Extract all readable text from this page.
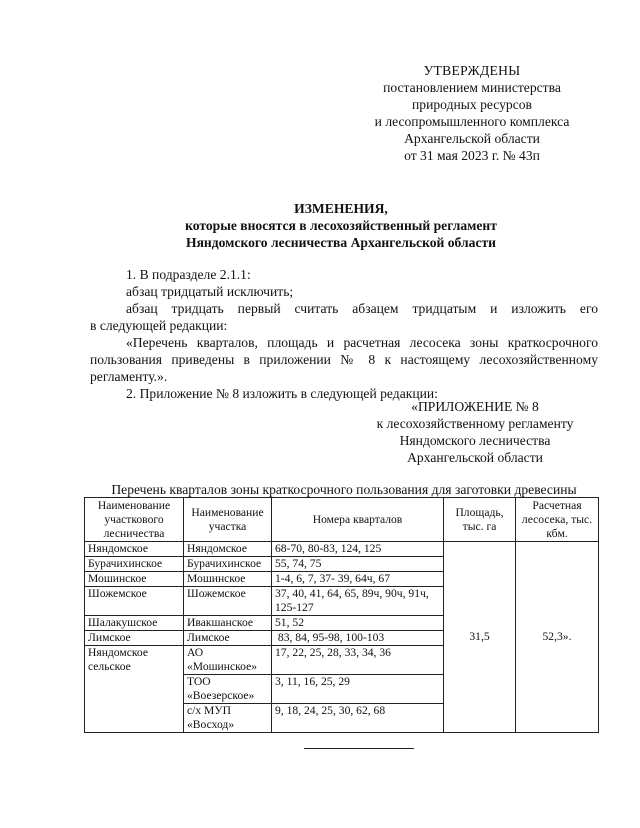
УТВЕРЖДЕНЫ
постановлением министерства
природных ресурсов
и лесопромышленного комплекса
Архангельской области
от 31 мая 2023 г. № 43п
ИЗМЕНЕНИЯ,
которые вносятся в лесохозяйственный регламент
Няндомского лесничества Архангельской области

1. В подразделе 2.1.1:

абзац тридцатый исключить;

абзац тридцать первый считать абзацем тридцатым и изложить его

в следующей редакции:

«Перечень кварталов, площадь и расчетная лесосека зоны краткосрочного пользования приведены в приложении № 8 к настоящему лесохозяйственному регламенту.».

2. Приложение № 8 изложить в следующей редакции:

«ПРИЛОЖЕНИЕ № 8
к лесохозяйственному регламенту
Няндомского лесничества
Архангельской области
Перечень кварталов зоны краткосрочного пользования для заготовки древесины
Наименование участкового лесничества	Наименование участка	Номера кварталов	Площадь, тыс. га	Расчетная лесосека, тыс. кбм.
Няндомское	Няндомское	68-70, 80-83, 124, 125	31,5	52,3».
Бурачихинское	Бурачихинское	55, 74, 75		
Мошинское	Мошинское	1-4, 6, 7, 37- 39, 64ч, 67		
Шожемское	Шожемское	37, 40, 41, 64, 65, 89ч, 90ч, 91ч, 125-127		
Шалакушское	Ивакшанское	51, 52		
Лимское	Лимское	83, 84, 95-98, 100-103		
Няндомское сельское	АО «Мошинское»	17, 22, 25, 28, 33, 34, 36		
	ТОО «Воезерское»	3, 11, 16, 25, 29		
	с/х МУП «Восход»	9, 18, 24, 25, 30, 62, 68		
